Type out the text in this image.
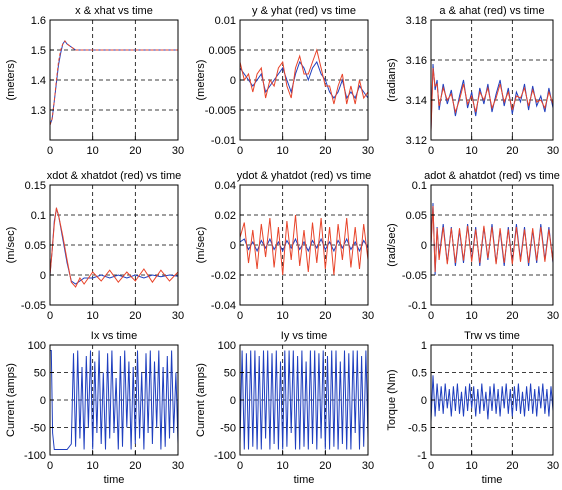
0	10	20	30
1.3
1.4
1.5
1.6
x & xhat vs time
(meters)
0	10	20	30
-0.01
-0.005
0
0.005
0.01
y & yhat (red) vs time
(meters)
0	10	20	30
3.12
3.14
3.16
3.18
a & ahat (red) vs time
(radians)
0	10	20	30
-0.05
0
0.05
0.1
0.15
xdot & xhatdot (red) vs time
(m/sec)
0	10	20	30
-0.04
-0.02
0
0.02
0.04
ydot & yhatdot (red) vs time
(m/sec)
0	10	20	30
-0.1
-0.05
0
0.05
0.1
adot & ahatdot (red) vs time
(rad/sec)
0	10	20	30
-100
-50
0
50
100
Ix vs time
Current (amps)
time
0	10	20	30
-100
-50
0
50
100
Iy vs time
Current (amps)
time
0	10	20	30
-1
-0.5
0
0.5
1
Trw vs time
Torque (Nm)
time
